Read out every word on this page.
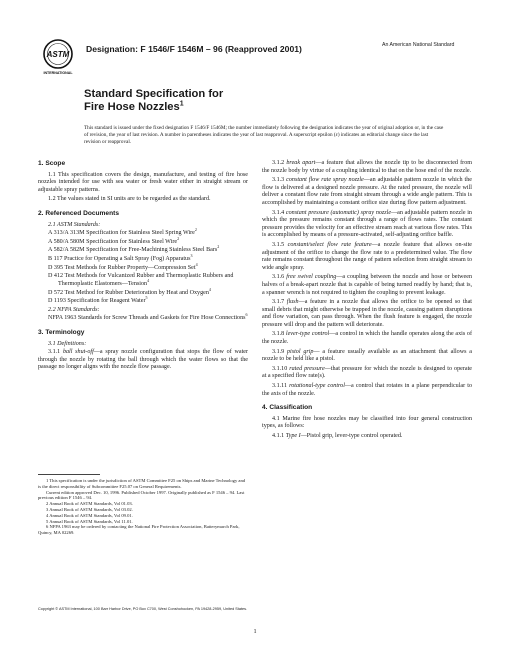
ASTM
INTERNATIONAL
Designation: F 1546/F 1546M – 96 (Reapproved 2001)	An American National Standard
Standard Specification for
Fire Hose Nozzles$^1$
This standard is issued under the fixed designation F 1546/F 1546M; the number immediately following the designation indicates the year of original adoption or, in the case of revision, the year of last revision. A number in parentheses indicates the year of last reapproval. A superscript epsilon (ε) indicates an editorial change since the last revision or reapproval.
1. Scope
1.1 This specification covers the design, manufacture, and testing of fire hose nozzles intended for use with sea water or fresh water either in straight stream or adjustable spray patterns.
1.2 The values stated in SI units are to be regarded as the standard.
2. Referenced Documents
2.1 ASTM Standards:
A 313/A 313M Specification for Stainless Steel Spring Wire$^2$
A 580/A 580M Specification for Stainless Steel Wire$^2$
A 582/A 582M Specification for Free-Machining Stainless Steel Bars$^2$
B 117 Practice for Operating a Salt Spray (Fog) Apparatus$^3$
D 395 Test Methods for Rubber Property—Compression Set$^4$
D 412 Test Methods for Vulcanized Rubber and Thermoplastic Rubbers and Thermoplastic Elastomers—Tension$^4$
D 572 Test Method for Rubber Deterioration by Heat and Oxygen$^4$
D 1193 Specification for Reagent Water$^5$
2.2 NFPA Standards:
NFPA 1963 Standards for Screw Threads and Gaskets for Fire Hose Connections$^6$
3. Terminology
3.1 Definitions:
3.1.1 ball shut-off—a spray nozzle configuration that stops the flow of water through the nozzle by rotating the ball through which the water flows so that the passage no longer aligns with the nozzle flow passage.
1 This specification is under the jurisdiction of ASTM Committee F25 on Ships and Marine Technology and is the direct responsibility of Subcommittee F25.07 on General Requirements.
Current edition approved Dec. 10, 1996. Published October 1997. Originally published as F 1546 – 94. Last previous edition F 1546 – 94.
2 Annual Book of ASTM Standards, Vol 01.03.
3 Annual Book of ASTM Standards, Vol 03.02.
4 Annual Book of ASTM Standards, Vol 09.01.
5 Annual Book of ASTM Standards, Vol 11.01.
6 NFPA 1963 may be ordered by contacting the National Fire Protection Association, Batterymarch Park, Quincy, MA 02269.
3.1.2 break apart—a feature that allows the nozzle tip to be disconnected from the nozzle body by virtue of a coupling identical to that on the hose end of the nozzle.
3.1.3 constant flow rate spray nozzle—an adjustable pattern nozzle in which the flow is delivered at a designed nozzle pressure. At the rated pressure, the nozzle will deliver a constant flow rate from straight stream through a wide angle pattern. This is accomplished by maintaining a constant orifice size during flow pattern adjustment.
3.1.4 constant pressure (automatic) spray nozzle—an adjustable pattern nozzle in which the pressure remains constant through a range of flows rates. The constant pressure provides the velocity for an effective stream reach at various flow rates. This is accomplished by means of a pressure-activated, self-adjusting orifice baffle.
3.1.5 constant/select flow rate feature—a nozzle feature that allows on-site adjustment of the orifice to change the flow rate to a predetermined value. The flow rate remains constant throughout the range of pattern selection from straight stream to wide angle spray.
3.1.6 free swivel coupling—a coupling between the nozzle and hose or between halves of a break-apart nozzle that is capable of being turned readily by hand; that is, a spanner wrench is not required to tighten the coupling to prevent leakage.
3.1.7 flush—a feature in a nozzle that allows the orifice to be opened so that small debris that might otherwise be trapped in the nozzle, causing pattern disruptions and flow variation, can pass through. When the flush feature is engaged, the nozzle pressure will drop and the pattern will deteriorate.
3.1.8 lever-type control—a control in which the handle operates along the axis of the nozzle.
3.1.9 pistol grip— a feature usually available as an attachment that allows a nozzle to be held like a pistol.
3.1.10 rated pressure—that pressure for which the nozzle is designed to operate at a specified flow rate(s).
3.1.11 rotational-type control—a control that rotates in a plane perpendicular to the axis of the nozzle.
4. Classification
4.1 Marine fire hose nozzles may be classified into four general construction types, as follows:
4.1.1 Type I—Pistol grip, lever-type control operated.
Copyright © ASTM International, 100 Barr Harbor Drive, PO Box C700, West Conshohocken, PA 19428-2959, United States.
1
